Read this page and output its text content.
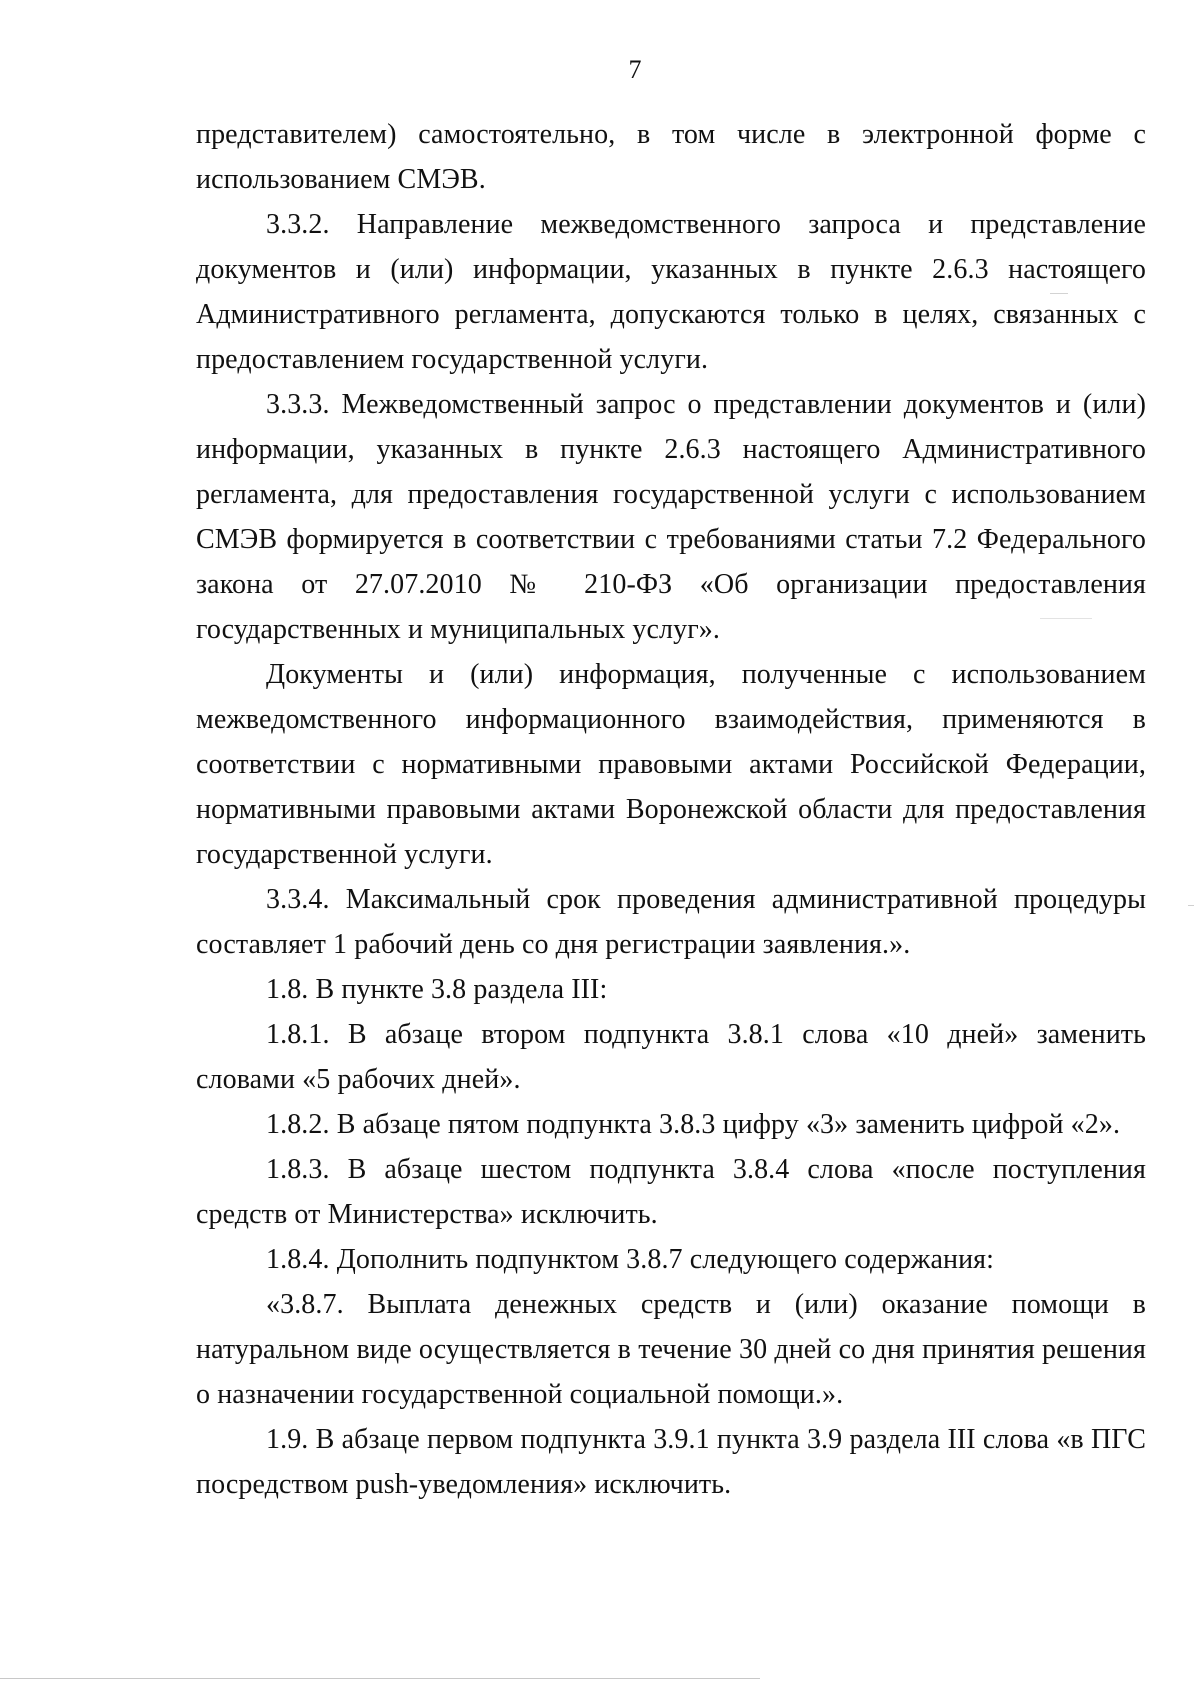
7

представителем) самостоятельно, в том числе в электронной форме с использованием СМЭВ.

3.3.2. Направление межведомственного запроса и представление документов и (или) информации, указанных в пункте 2.6.3 настоящего Административного регламента, допускаются только в целях, связанных с предоставлением государственной услуги.

3.3.3. Межведомственный запрос о представлении документов и (или) информации, указанных в пункте 2.6.3 настоящего Административного регламента, для предоставления государственной услуги с использованием СМЭВ формируется в соответствии с требованиями статьи 7.2 Федерального закона от 27.07.2010 № 210-ФЗ «Об организации предоставления государственных и муниципальных услуг».

Документы и (или) информация, полученные с использованием межведомственного информационного взаимодействия, применяются в соответствии с нормативными правовыми актами Российской Федерации, нормативными правовыми актами Воронежской области для предоставления государственной услуги.

3.3.4. Максимальный срок проведения административной процедуры составляет 1 рабочий день со дня регистрации заявления.».

1.8. В пункте 3.8 раздела III:

1.8.1. В абзаце втором подпункта 3.8.1 слова «10 дней» заменить словами «5 рабочих дней».

1.8.2. В абзаце пятом подпункта 3.8.3 цифру «3» заменить цифрой «2».

1.8.3. В абзаце шестом подпункта 3.8.4 слова «после поступления средств от Министерства» исключить.

1.8.4. Дополнить подпунктом 3.8.7 следующего содержания:

«3.8.7. Выплата денежных средств и (или) оказание помощи в натуральном виде осуществляется в течение 30 дней со дня принятия решения о назначении государственной социальной помощи.».

1.9. В абзаце первом подпункта 3.9.1 пункта 3.9 раздела III слова «в ПГС посредством push-уведомления» исключить.
